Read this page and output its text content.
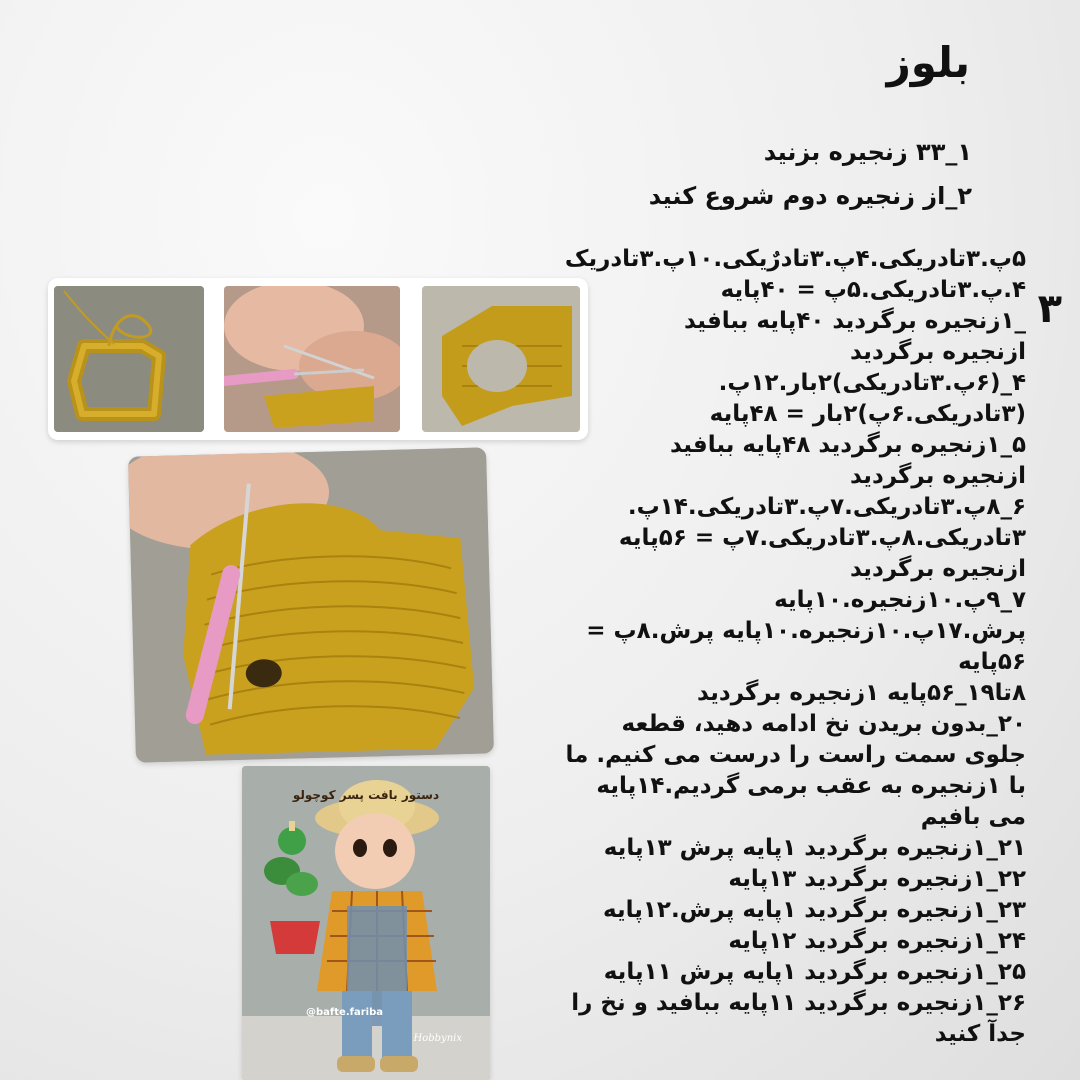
بلوز
۱_۳۳ زنجیره بزنید
۲_از زنجیره دوم شروع کنید
۳
۵پ.۳تادریکی.۴پ.۳تادرٌیکی.۱۰پ.۳تادریک
۴.پ.۳تادریکی.۵پ = ۴۰پایه
_۱زنجیره برگردید ۴۰پایه ببافید
ازنجیره برگردید
۴_(۶پ.۳تادریکی)۲بار.۱۲پ.
(۳تادریکی.۶پ)۲بار = ۴۸پایه
۵_۱زنجیره برگردید ۴۸پایه ببافید
ازنجیره برگردید
۶_۸پ.۳تادریکی.۷پ.۳تادریکی.۱۴پ.
۳تادریکی.۸پ.۳تادریکی.۷پ = ۵۶پایه
ازنجیره برگردید
۷_۹پ.۱۰زنجیره.۱۰پایه
پرش.۱۷پ.۱۰زنجیره.۱۰پایه پرش.۸پ =
۵۶پایه
۸تا۱۹_۵۶پایه ۱زنجیره برگردید
۲۰_بدون بریدن نخ ادامه دهید، قطعه
جلوی سمت راست را درست می کنیم. ما
با ۱زنجیره به عقب برمی گردیم.۱۴پایه
می بافیم
۲۱_۱زنجیره برگردید ۱پایه پرش ۱۳پایه
۲۲_۱زنجیره برگردید ۱۳پایه
۲۳_۱زنجیره برگردید ۱پایه پرش.۱۲پایه
۲۴_۱زنجیره برگردید ۱۲پایه
۲۵_۱زنجیره برگردید ۱پایه پرش ۱۱پایه
۲۶_۱زنجیره برگردید ۱۱پایه ببافید و نخ را
جدآ کنید
دستور بافت پسر کوچولو
@bafte.fariba
Hobbynix
